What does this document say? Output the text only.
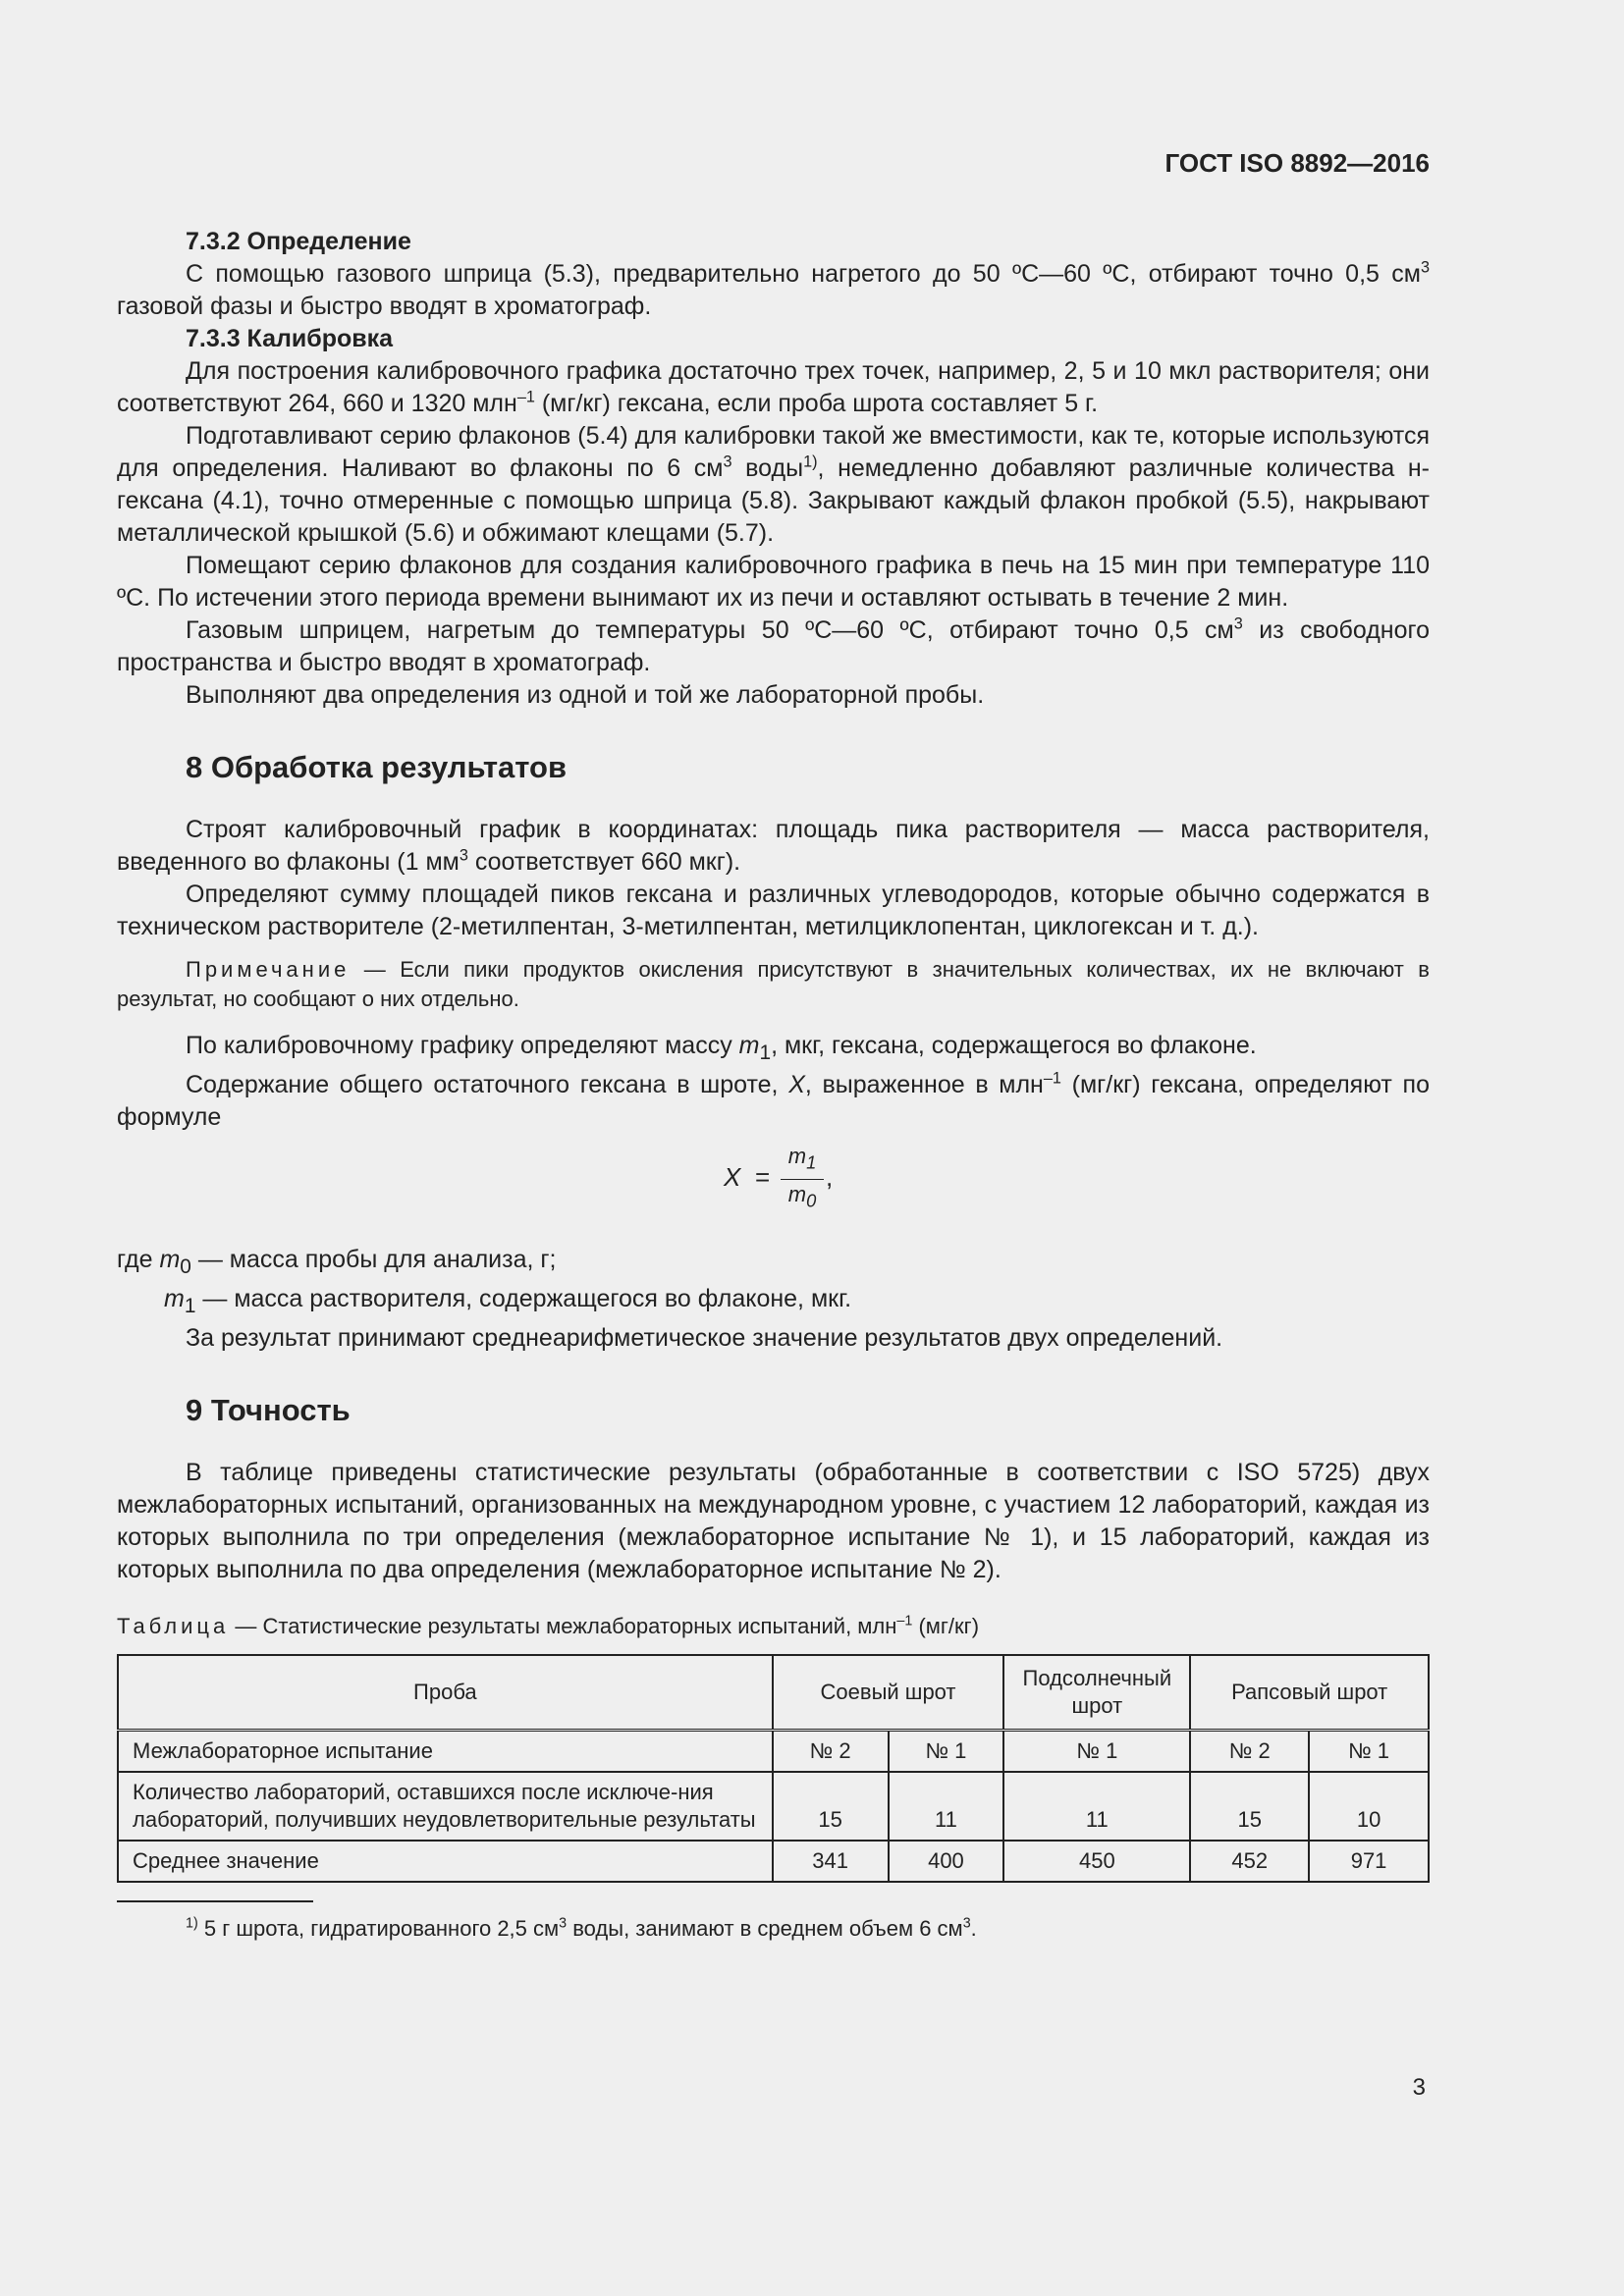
ГОСТ ISO 8892—2016

7.3.2 Определение

С помощью газового шприца (5.3), предварительно нагретого до 50 ºC—60 ºC, отбирают точно 0,5 $см^3$ газовой фазы и быстро вводят в хроматограф.

7.3.3 Калибровка

Для построения калибровочного графика достаточно трех точек, например, 2, 5 и 10 мкл растворителя; они соответствуют 264, 660 и 1320 млн$^{-1}$ (мг/кг) гексана, если проба шрота составляет 5 г.

Подготавливают серию флаконов (5.4) для калибровки такой же вместимости, как те, которые используются для определения. Наливают во флаконы по 6 $см^3$ воды$^{1)}$, немедленно добавляют различные количества н-гексана (4.1), точно отмеренные с помощью шприца (5.8). Закрывают каждый флакон пробкой (5.5), накрывают металлической крышкой (5.6) и обжимают клещами (5.7).

Помещают серию флаконов для создания калибровочного графика в печь на 15 мин при температуре 110 ºC. По истечении этого периода времени вынимают их из печи и оставляют остывать в течение 2 мин.

Газовым шприцем, нагретым до температуры 50 ºC—60 ºC, отбирают точно 0,5 $см^3$ из свободного пространства и быстро вводят в хроматограф.

Выполняют два определения из одной и той же лабораторной пробы.

8 Обработка результатов

Строят калибровочный график в координатах: площадь пика растворителя — масса растворителя, введенного во флаконы (1 $мм^3$ соответствует 660 мкг).

Определяют сумму площадей пиков гексана и различных углеводородов, которые обычно содержатся в техническом растворителе (2-метилпентан, 3-метилпентан, метилциклопентан, циклогексан и т. д.).

Примечание — Если пики продуктов окисления присутствуют в значительных количествах, их не включают в результат, но сообщают о них отдельно.

По калибровочному графику определяют массу $m_1$, мкг, гексана, содержащегося во флаконе.

Содержание общего остаточного гексана в шроте, X, выраженное в млн$^{-1}$ (мг/кг) гексана, определяют по формуле

$X = \frac{m_1}{m_0}$ ,

где $m_0$ — масса пробы для анализа, г;

$m_1$ — масса растворителя, содержащегося во флаконе, мкг.

За результат принимают среднеарифметическое значение результатов двух определений.

9 Точность

В таблице приведены статистические результаты (обработанные в соответствии с ISO 5725) двух межлабораторных испытаний, организованных на международном уровне, с участием 12 лабораторий, каждая из которых выполнила по три определения (межлабораторное испытание № 1), и 15 лабораторий, каждая из которых выполнила по два определения (межлабораторное испытание № 2).

Таблица — Статистические результаты межлабораторных испытаний, млн$^{-1}$ (мг/кг)
Проба	Соевый шрот		Подсолнечный шрот	Рапсовый шрот	
Межлабораторное испытание	№ 2	№ 1	№ 1	№ 2	№ 1
Количество лабораторий, оставшихся после исключе-ния лабораторий, получивших неудовлетворительные результаты	15	11	11	15	10
Среднее значение	341	400	450	452	971
$^{1)}$ 5 г шрота, гидратированного 2,5 $см^3$ воды, занимают в среднем объем 6 $см^3$.
3
